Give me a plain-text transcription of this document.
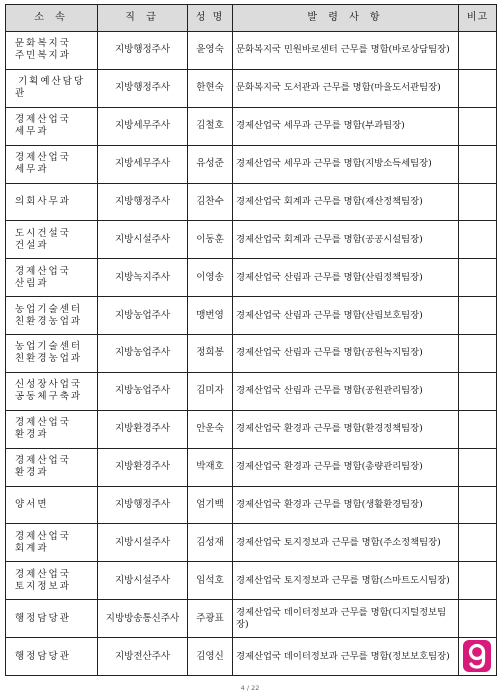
소 속	직 급	성 명	발 령 사 항	비고

문화복지국
주민복지과	지방행정주사	윤영숙	문화복지국 민원바로센터 근무를 명함(바로상담팀장)	

기획예산담당관	지방행정주사	한현숙	문화복지국 도서관과 근무를 명함(마을도서관팀장)	

경제산업국
세무과	지방세무주사	김철호	경제산업국 세무과 근무를 명함(부과팀장)	

경제산업국
세무과	지방세무주사	유성준	경제산업국 세무과 근무를 명함(지방소득세팀장)	

의회사무과	지방행정주사	김찬수	경제산업국 회계과 근무를 명함(재산정책팀장)	

도시건설국
건설과	지방시설주사	이동훈	경제산업국 회계과 근무를 명함(공공시설팀장)	

경제산업국
산림과	지방녹지주사	이영송	경제산업국 산림과 근무를 명함(산림정책팀장)	

농업기술센터
친환경농업과	지방농업주사	맹번영	경제산업국 산림과 근무를 명함(산림보호팀장)	

농업기술센터
친환경농업과	지방농업주사	정희봉	경제산업국 산림과 근무를 명함(공원녹지팀장)	

신성장사업국
공동체구축과	지방농업주사	김미자	경제산업국 산림과 근무를 명함(공원관리팀장)	

경제산업국
환경과	지방환경주사	안운숙	경제산업국 환경과 근무를 명함(환경정책팀장)	

경제산업국
환경과	지방환경주사	박재호	경제산업국 환경과 근무를 명함(총량관리팀장)	

양서면	지방행정주사	엄기백	경제산업국 환경과 근무를 명함(생활환경팀장)	

경제산업국
회계과	지방시설주사	김성재	경제산업국 토지정보과 근무를 명함(주소정책팀장)	

경제산업국
토지정보과	지방시설주사	임석호	경제산업국 토지정보과 근무를 명함(스마트도시팀장)	

행정담당관	지방방송통신주사	주광표	경제산업국 데이터정보과 근무를 명함(디지털정보팀장)	

행정담당관	지방전산주사	김영신	경제산업국 데이터정보과 근무를 명함(정보보호팀장)	
4 / 22
